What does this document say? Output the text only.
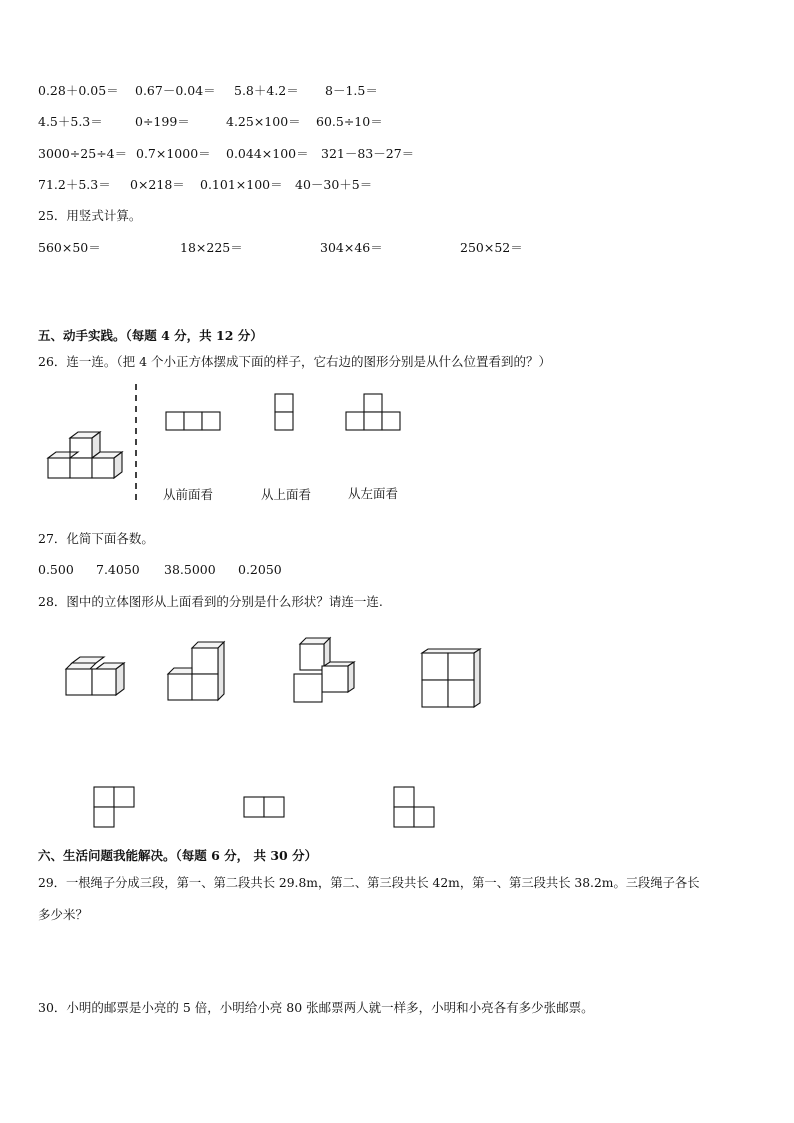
0.28＋0.05＝ 0.67－0.04＝ 5.8＋4.2＝ 8－1.5＝
4.5＋5.3＝	0÷199＝	4.25×100＝ 60.5÷10＝
3000÷25÷4＝ 0.7×1000＝ 0.044×100＝ 321－83－27＝
71.2＋5.3＝ 0×218＝ 0.101×100＝ 40－30＋5＝
25．用竖式计算。
560×50＝	18×225＝	304×46＝	250×52＝
五、动手实践。（每题 4 分，共 12 分）
26．连一连。（把 4 个小正方体摆成下面的样子，它右边的图形分别是从什么位置看到的？）
从前面看	从上面看	从左面看
27．化简下面各数。
0.500 7.4050 38.5000 0.2050
28．图中的立体图形从上面看到的分别是什么形状？请连一连.
六、生活问题我能解决。（每题 6 分， 共 30 分）
29．一根绳子分成三段，第一、第二段共长 29.8m，第二、第三段共长 42m，第一、第三段共长 38.2m。三段绳子各长
多少米？
30．小明的邮票是小亮的 5 倍，小明给小亮 80 张邮票两人就一样多，小明和小亮各有多少张邮票。
